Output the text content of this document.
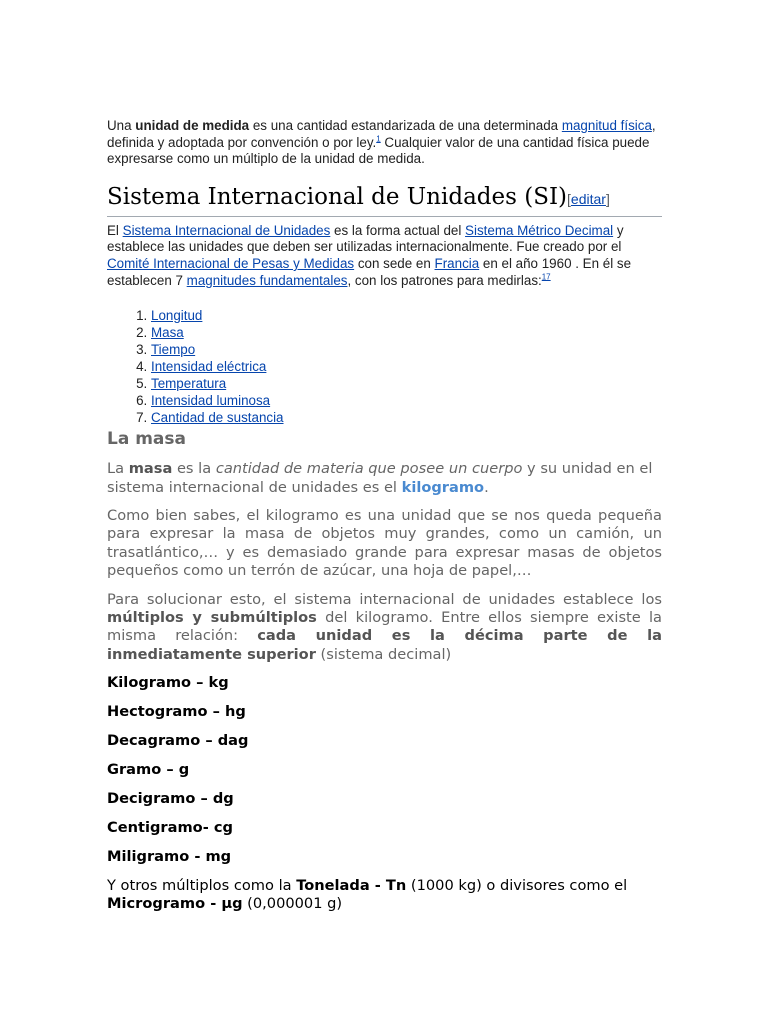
Una unidad de medida es una cantidad estandarizada de una determinada magnitud física, definida y adoptada por convención o por ley.$^1$ Cualquier valor de una cantidad física puede expresarse como un múltiplo de la unidad de medida.

Sistema Internacional de Unidades (SI)[editar]

El Sistema Internacional de Unidades es la forma actual del Sistema Métrico Decimal y establece las unidades que deben ser utilizadas internacionalmente. Fue creado por el Comité Internacional de Pesas y Medidas con sede en Francia en el año 1960 . En él se establecen 7 magnitudes fundamentales, con los patrones para medirlas:$^{17}$

1. Longitud
2. Masa
3. Tiempo
4. Intensidad eléctrica
5. Temperatura
6. Intensidad luminosa
7. Cantidad de sustancia
La masa

La masa es la cantidad de materia que posee un cuerpo y su unidad en el sistema internacional de unidades es el kilogramo.

Como bien sabes, el kilogramo es una unidad que se nos queda pequeña para expresar la masa de objetos muy grandes, como un camión, un trasatlántico,… y es demasiado grande para expresar masas de objetos pequeños como un terrón de azúcar, una hoja de papel,…

Para solucionar esto, el sistema internacional de unidades establece los múltiplos y submúltiplos del kilogramo. Entre ellos siempre existe la misma relación: cada unidad es la décima parte de la inmediatamente superior (sistema decimal)

Kilogramo – kg

Hectogramo – hg

Decagramo – dag

Gramo – g

Decigramo – dg

Centigramo- cg

Miligramo - mg

Y otros múltiplos como la Tonelada - Tn (1000 kg) o divisores como el Microgramo - µg (0,000001 g)
